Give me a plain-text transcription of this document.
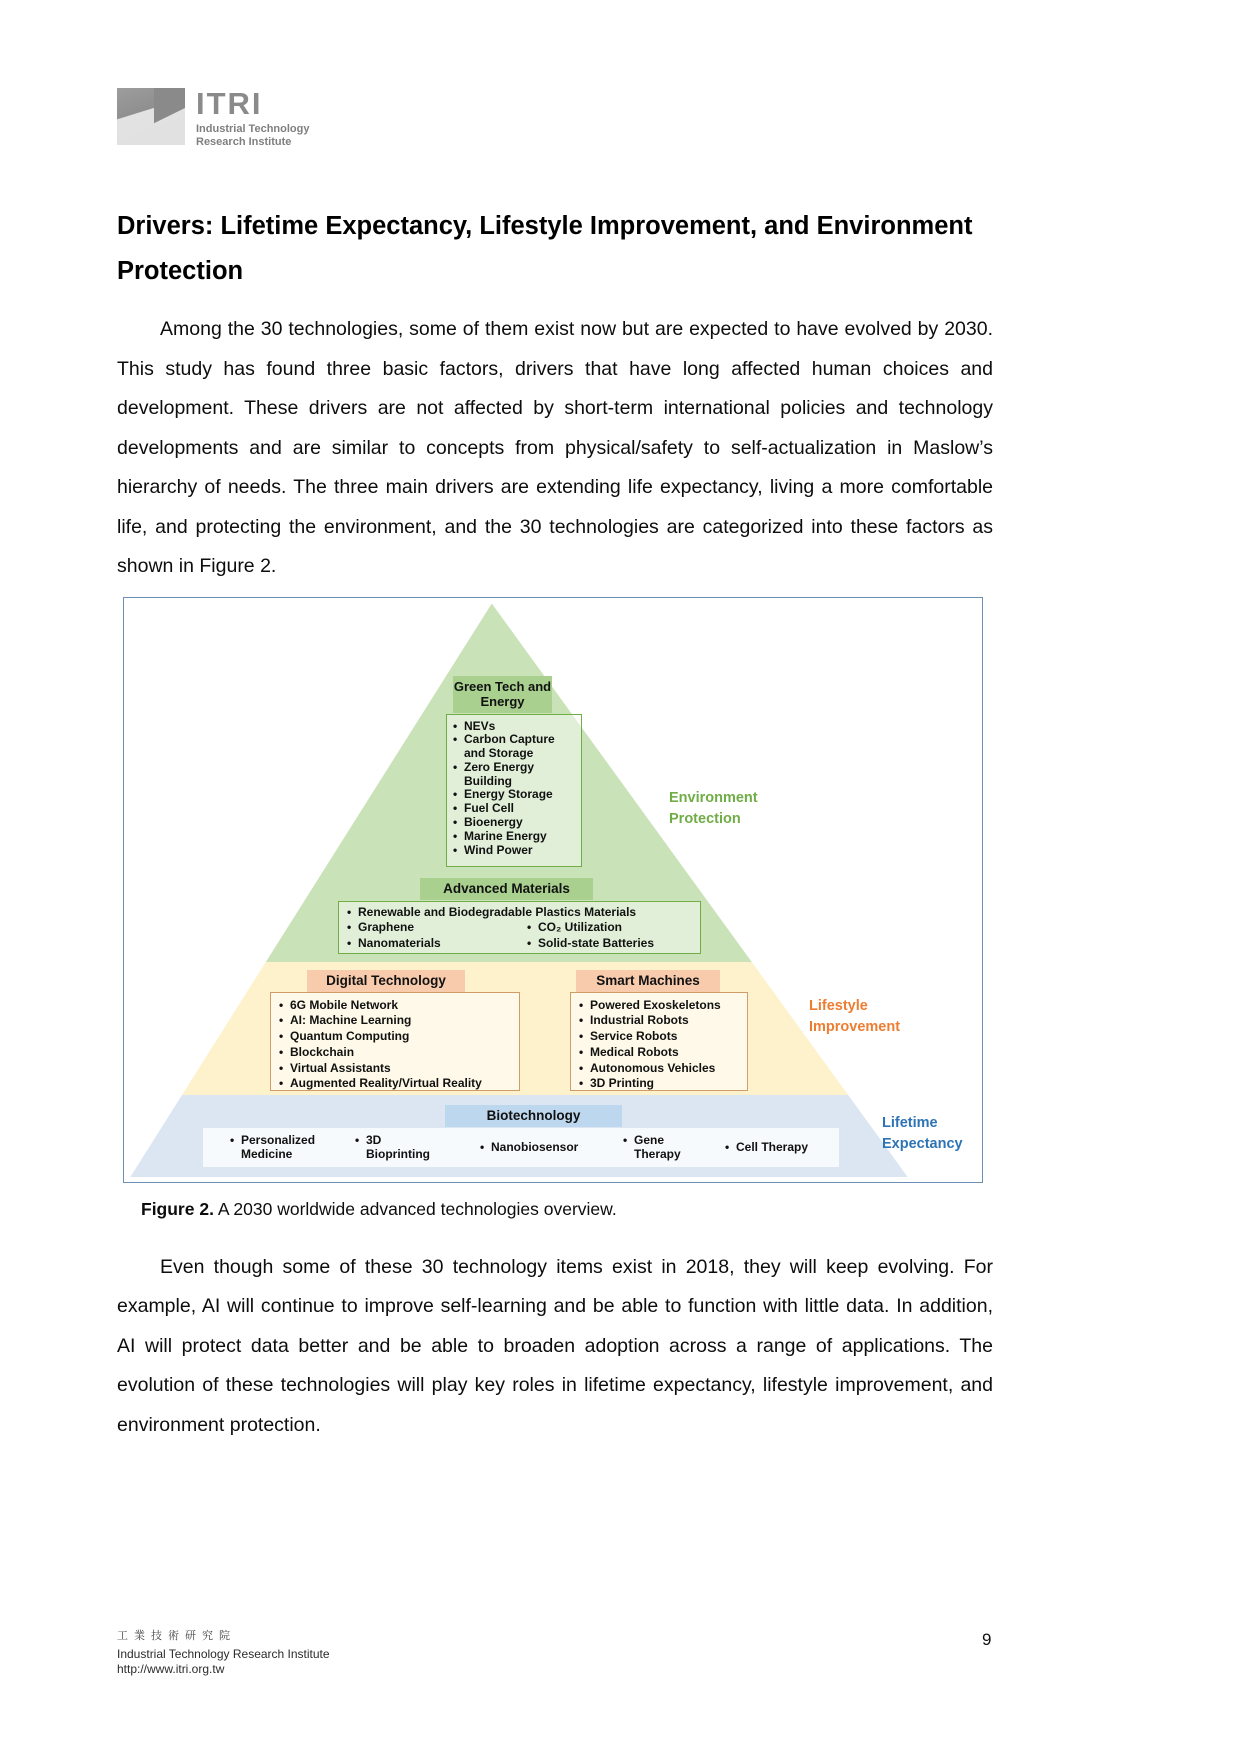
ITRI
Industrial Technology
Research Institute
Drivers: Lifetime Expectancy, Lifestyle Improvement, and Environment Protection

Among the 30 technologies, some of them exist now but are expected to have evolved by 2030. This study has found three basic factors, drivers that have long affected human choices and development. These drivers are not affected by short-term international policies and technology developments and are similar to concepts from physical/safety to self-actualization in Maslow’s hierarchy of needs. The three main drivers are extending life expectancy, living a more comfortable life, and protecting the environment, and the 30 technologies are categorized into these factors as shown in Figure 2.

Green Tech and Energy
• NEVs
• Carbon Capture and Storage
• Zero Energy Building
• Energy Storage
• Fuel Cell
• Bioenergy
• Marine Energy
• Wind Power
Advanced Materials
• Renewable and Biodegradable Plastics Materials
• Graphene
• Nanomaterials
• CO₂ Utilization
• Solid-state Batteries
Digital Technology
• 6G Mobile Network
• AI: Machine Learning
• Quantum Computing
• Blockchain
• Virtual Assistants
• Augmented Reality/Virtual Reality
Smart Machines
• Powered Exoskeletons
• Industrial Robots
• Service Robots
• Medical Robots
• Autonomous Vehicles
• 3D Printing
Biotechnology
• Personalized Medicine
• 3D Bioprinting	• Nanobiosensor	• Gene Therapy	• Cell Therapy
Environment Protection
Lifestyle Improvement
Lifetime Expectancy

Figure 2. A 2030 worldwide advanced technologies overview.

Even though some of these 30 technology items exist in 2018, they will keep evolving. For example, AI will continue to improve self-learning and be able to function with little data. In addition, AI will protect data better and be able to broaden adoption across a range of applications. The evolution of these technologies will play key roles in lifetime expectancy, lifestyle improvement, and environment protection.

工業技術研究院
Industrial Technology Research Institute
http://www.itri.org.tw
9
